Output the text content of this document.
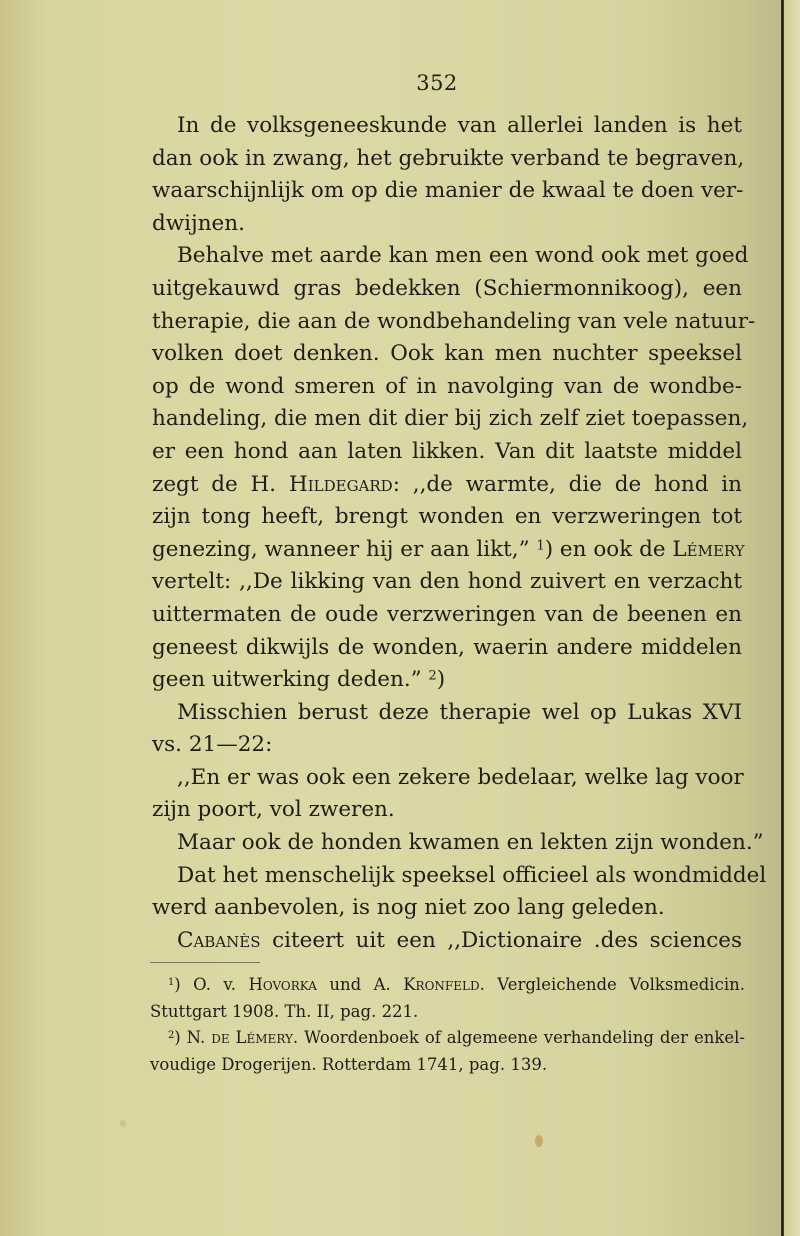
352
In de volksgeneeskunde van allerlei landen is het
dan ook in zwang, het gebruikte verband te begraven,
waarschijnlijk om op die manier de kwaal te doen ver-
dwijnen.
Behalve met aarde kan men een wond ook met goed
uitgekauwd gras bedekken (Schiermonnikoog), een
therapie, die aan de wondbehandeling van vele natuur-
volken doet denken. Ook kan men nuchter speeksel
op de wond smeren of in navolging van de wondbe-
handeling, die men dit dier bij zich zelf ziet toepassen,
er een hond aan laten likken. Van dit laatste middel
zegt de H. Hildegard: ,,de warmte, die de hond in
zijn tong heeft, brengt wonden en verzweringen tot
genezing, wanneer hij er aan likt,” $^1$) en ook de Lémery
vertelt: ,,De likking van den hond zuivert en verzacht
uittermaten de oude verzweringen van de beenen en
geneest dikwijls de wonden, waerin andere middelen
geen uitwerking deden.” $^2$)
Misschien berust deze therapie wel op Lukas XVI
vs. 21—22:
,,En er was ook een zekere bedelaar, welke lag voor
zijn poort, vol zweren.
Maar ook de honden kwamen en lekten zijn wonden.”
Dat het menschelijk speeksel officieel als wondmiddel
werd aanbevolen, is nog niet zoo lang geleden.
Cabanès citeert uit een ,,Dictionaire .des sciences
$^1$) O. v. Hovorka und A. Kronfeld. Vergleichende Volksmedicin.
Stuttgart 1908. Th. II, pag. 221.
$^2$) N. de Lémery. Woordenboek of algemeene verhandeling der enkel-
voudige Drogerijen. Rotterdam 1741, pag. 139.
